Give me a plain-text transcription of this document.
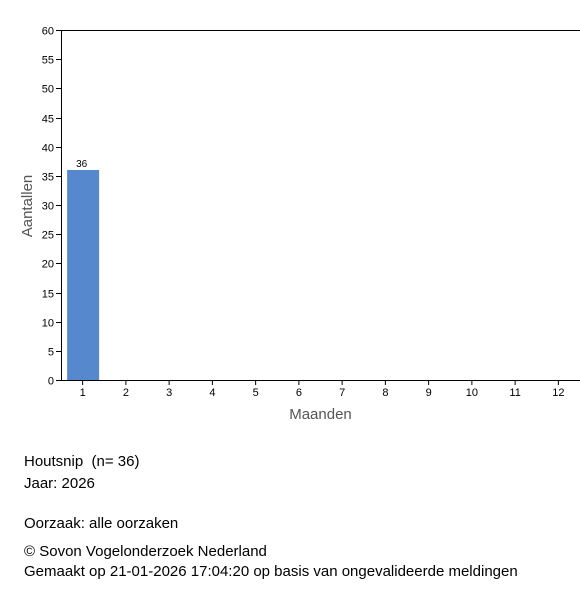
0
5
10
15
20
25
30
35
40
45
50
55
60
1	2	3	4	5	6	7	8	9	10	11	12
36
Maanden
Aantallen
Houtsnip  (n= 36)
Jaar: 2026
Oorzaak: alle oorzaken
© Sovon Vogelonderzoek Nederland
Gemaakt op 21-01-2026 17:04:20 op basis van ongevalideerde meldingen
